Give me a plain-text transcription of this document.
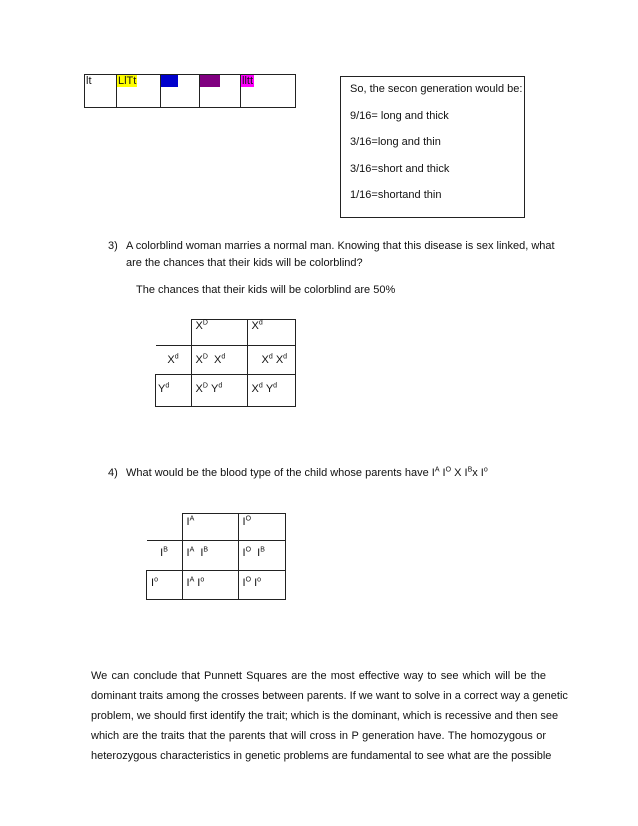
lt	LlTt	llTt	llTT	lltt
So, the secon generation would be:
9/16= long and thick
3/16=long and thin
3/16=short and thick
1/16=shortand thin
3) A colorblind woman marries a normal man. Knowing that this disease is sex linked, what
are the chances that their kids will be colorblind?
The chances that their kids will be colorblind are 50%
	$X^D$	$X^d$
$X^d$	$X^D$ $X^d$	$X^d$ $X^d$
$Y^d$	$X^D$ $Y^d$	$X^d$ $Y^d$
4) What would be the blood type of the child whose parents have $I^A$ $I^O$ X $I^Bx$ $I^o$
	$I^A$	$I^O$
$I^B$	$I^A$ $I^B$	$I^O$ $I^B$
$I^o$	$I^A$ $I^o$	$I^O$ $I^o$
We can conclude that Punnett Squares are the most effective way to see which will be the
dominant traits among the crosses between parents. If we want to solve in a correct way a genetic
problem, we should first identify the trait; which is the dominant, which is recessive and then see
which are the traits that the parents that will cross in P generation have. The homozygous or
heterozygous characteristics in genetic problems are fundamental to see what are the possible
